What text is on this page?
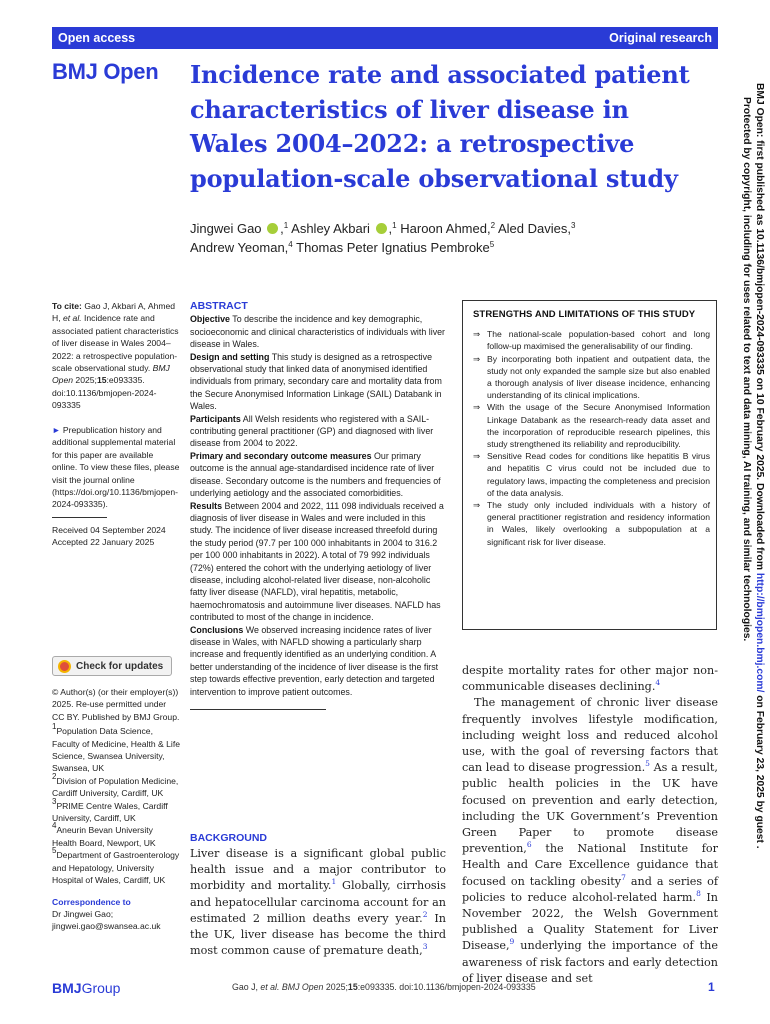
Open access	Original research
BMJ Open Incidence rate and associated patient characteristics of liver disease in Wales 2004–2022: a retrospective population-scale observational study
Jingwei Gao ,$^1$ Ashley Akbari ,$^1$ Haroon Ahmed,$^2$ Aled Davies,$^3$
Andrew Yeoman,$^4$ Thomas Peter Ignatius Pembroke$^5$
To cite: Gao J, Akbari A, Ahmed H, et al. Incidence rate and associated patient characteristics of liver disease in Wales 2004–2022: a retrospective population-scale observational study. BMJ Open 2025;15:e093335. doi:10.1136/bmjopen-2024-093335
► Prepublication history and additional supplemental material for this paper are available online. To view these files, please visit the journal online (https://doi.org/10.1136/bmjopen-2024-093335).
Received 04 September 2024
Accepted 22 January 2025
Check for updates
© Author(s) (or their employer(s)) 2025. Re-use permitted under CC BY. Published by BMJ Group.
$^1$Population Data Science, Faculty of Medicine, Health & Life Science, Swansea University, Swansea, UK
$^2$Division of Population Medicine, Cardiff University, Cardiff, UK
$^3$PRIME Centre Wales, Cardiff University, Cardiff, UK
$^4$Aneurin Bevan University Health Board, Newport, UK
$^5$Department of Gastroenterology and Hepatology, University Hospital of Wales, Cardiff, UK
Correspondence to
Dr Jingwei Gao;
jingwei.gao@swansea.ac.uk
ABSTRACT
Objective To describe the incidence and key demographic, socioeconomic and clinical characteristics of individuals with liver disease in Wales.
Design and setting This study is designed as a retrospective observational study that linked data of anonymised identified individuals from primary, secondary care and mortality data from the Secure Anonymised Information Linkage (SAIL) Databank in Wales.
Participants All Welsh residents who registered with a SAIL-contributing general practitioner (GP) and diagnosed with liver disease from 2004 to 2022.
Primary and secondary outcome measures Our primary outcome is the annual age-standardised incidence rate of liver disease. Secondary outcome is the numbers and frequencies of underlying aetiology and the associated comorbidities.
Results Between 2004 and 2022, 111 098 individuals received a diagnosis of liver disease in Wales and were included in this study. The incidence of liver disease increased threefold during the study period (97.7 per 100 000 inhabitants in 2004 to 316.2 per 100 000 inhabitants in 2022). A total of 79 992 individuals (72%) entered the cohort with the underlying aetiology of liver disease, including alcohol-related liver disease, non-alcoholic fatty liver disease (NAFLD), viral hepatitis, metabolic, haemochromatosis and autoimmune liver diseases. NAFLD has contributed to most of the change in incidence.
Conclusions We observed increasing incidence rates of liver disease in Wales, with NAFLD showing a particularly sharp increase and frequently identified as an underlying condition. A better understanding of the incidence of liver disease is the first step towards effective prevention, early detection and targeted intervention to improve patient outcomes.
STRENGTHS AND LIMITATIONS OF THIS STUDY
⇒ The national-scale population-based cohort and long follow-up maximised the generalisability of our finding.
⇒ By incorporating both inpatient and outpatient data, the study not only expanded the sample size but also enabled a thorough analysis of liver disease incidence, enhancing understanding of its clinical implications.
⇒ With the usage of the Secure Anonymised Information Linkage Databank as the research-ready data asset and the incorporation of reproducible research pipelines, this study strengthened its reliability and reproducibility.
⇒ Sensitive Read codes for conditions like hepatitis B virus and hepatitis C virus could not be included due to regulatory laws, impacting the completeness and precision of the data analysis.
⇒ The study only included individuals with a history of general practitioner registration and residency information in Wales, likely overlooking a subpopulation at a significant risk for liver disease.
BACKGROUND

Liver disease is a significant global public health issue and a major contributor to morbidity and mortality.$^1$ Globally, cirrhosis and hepatocellular carcinoma account for an estimated 2 million deaths every year.$^2$ In the UK, liver disease has become the third most common cause of premature death,$^3$

despite mortality rates for other major non-communicable diseases declining.$^4$

The management of chronic liver disease frequently involves lifestyle modification, including weight loss and reduced alcohol use, with the goal of reversing factors that can lead to disease progression.$^5$ As a result, public health policies in the UK have focused on prevention and early detection, including the UK Government’s Prevention Green Paper to promote disease prevention,$^6$ the National Institute for Health and Care Excellence guidance that focused on tackling obesity$^7$ and a series of policies to reduce alcohol-related harm.$^8$ In November 2022, the Welsh Government published a Quality Statement for Liver Disease,$^9$ underlying the importance of the awareness of risk factors and early detection of liver disease and set

BMJGroup	Gao J, et al. BMJ Open 2025;15:e093335. doi:10.1136/bmjopen-2024-093335	1
BMJ Open: first published as 10.1136/bmjopen-2024-093335 on 10 February 2025. Downloaded from http://bmjopen.bmj.com/ on February 23, 2025 by guest .
Protected by copyright, including for uses related to text and data mining, AI training, and similar technologies.
